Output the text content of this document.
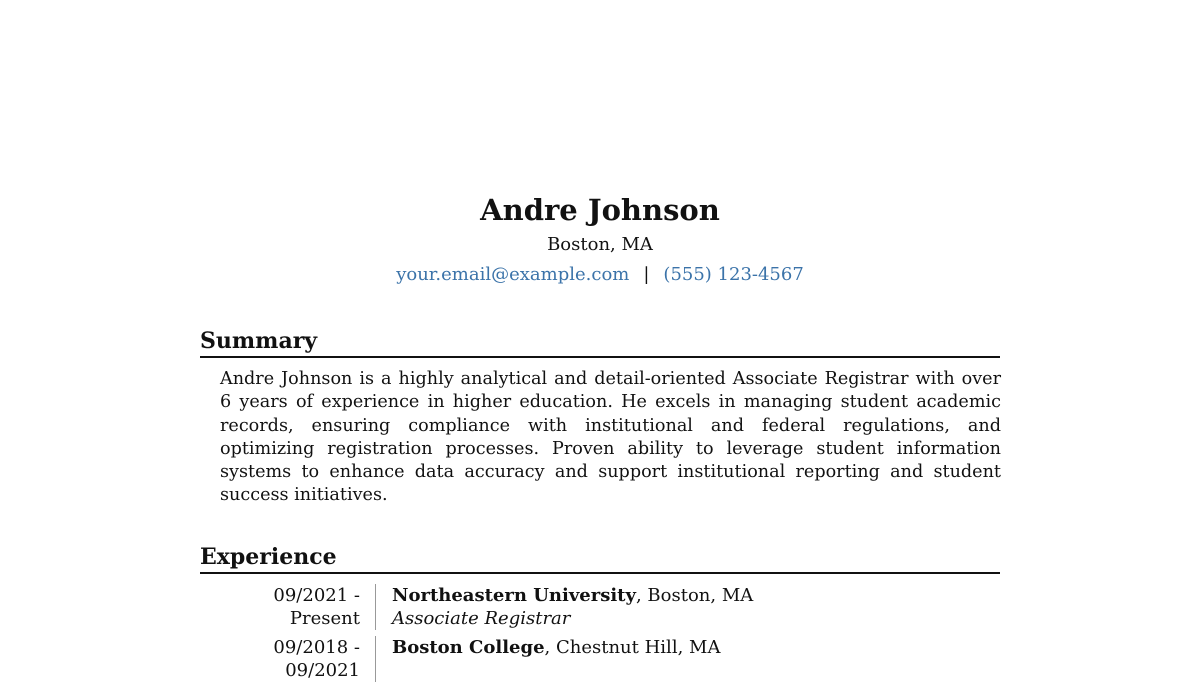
Andre Johnson
Boston, MA
your.email@example.com | (555) 123-4567
Summary

Andre Johnson is a highly analytical and detail-oriented Associate Registrar with over 6 years of experience in higher education. He excels in managing student academic records, ensuring compliance with institutional and federal regulations, and optimizing registration processes. Proven ability to leverage student information systems to enhance data accuracy and support institutional reporting and student success initiatives.

Experience
09/2021 - Present
Northeastern University, Boston, MA
Associate Registrar
09/2018 - 09/2021
Boston College, Chestnut Hill, MA
